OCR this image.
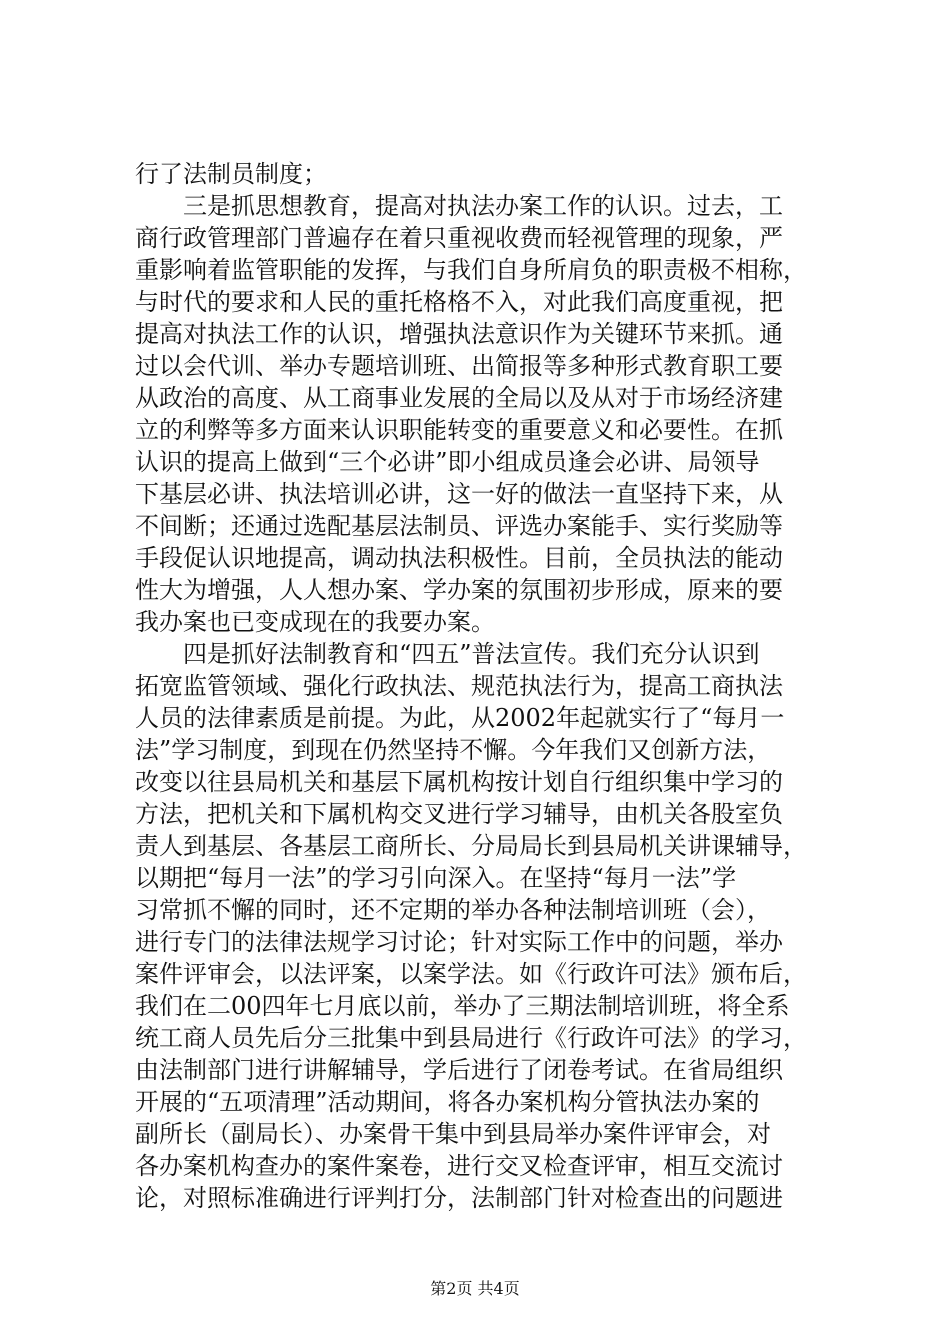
行了法制员制度；
　　三是抓思想教育，提高对执法办案工作的认识。过去，工
商行政管理部门普遍存在着只重视收费而轻视管理的现象，严
重影响着监管职能的发挥，与我们自身所肩负的职责极不相称，
与时代的要求和人民的重托格格不入，对此我们高度重视，把
提高对执法工作的认识，增强执法意识作为关键环节来抓。通
过以会代训、举办专题培训班、出简报等多种形式教育职工要
从政治的高度、从工商事业发展的全局以及从对于市场经济建
立的利弊等多方面来认识职能转变的重要意义和必要性。在抓
认识的提高上做到“三个必讲”即小组成员逢会必讲、局领导
下基层必讲、执法培训必讲，这一好的做法一直坚持下来，从
不间断；还通过选配基层法制员、评选办案能手、实行奖励等
手段促认识地提高，调动执法积极性。目前，全员执法的能动
性大为增强，人人想办案、学办案的氛围初步形成，原来的要
我办案也已变成现在的我要办案。
　　四是抓好法制教育和“四五”普法宣传。我们充分认识到
拓宽监管领域、强化行政执法、规范执法行为，提高工商执法
人员的法律素质是前提。为此，从2002年起就实行了“每月一
法”学习制度，到现在仍然坚持不懈。今年我们又创新方法，
改变以往县局机关和基层下属机构按计划自行组织集中学习的
方法，把机关和下属机构交叉进行学习辅导，由机关各股室负
责人到基层、各基层工商所长、分局局长到县局机关讲课辅导，
以期把“每月一法”的学习引向深入。在坚持“每月一法”学
习常抓不懈的同时，还不定期的举办各种法制培训班（会），
进行专门的法律法规学习讨论；针对实际工作中的问题，举办
案件评审会，以法评案，以案学法。如《行政许可法》颁布后，
我们在二00四年七月底以前，举办了三期法制培训班，将全系
统工商人员先后分三批集中到县局进行《行政许可法》的学习，
由法制部门进行讲解辅导，学后进行了闭卷考试。在省局组织
开展的“五项清理”活动期间，将各办案机构分管执法办案的
副所长（副局长）、办案骨干集中到县局举办案件评审会，对
各办案机构查办的案件案卷，进行交叉检查评审，相互交流讨
论，对照标准确进行评判打分，法制部门针对检查出的问题进
第2页 共4页
